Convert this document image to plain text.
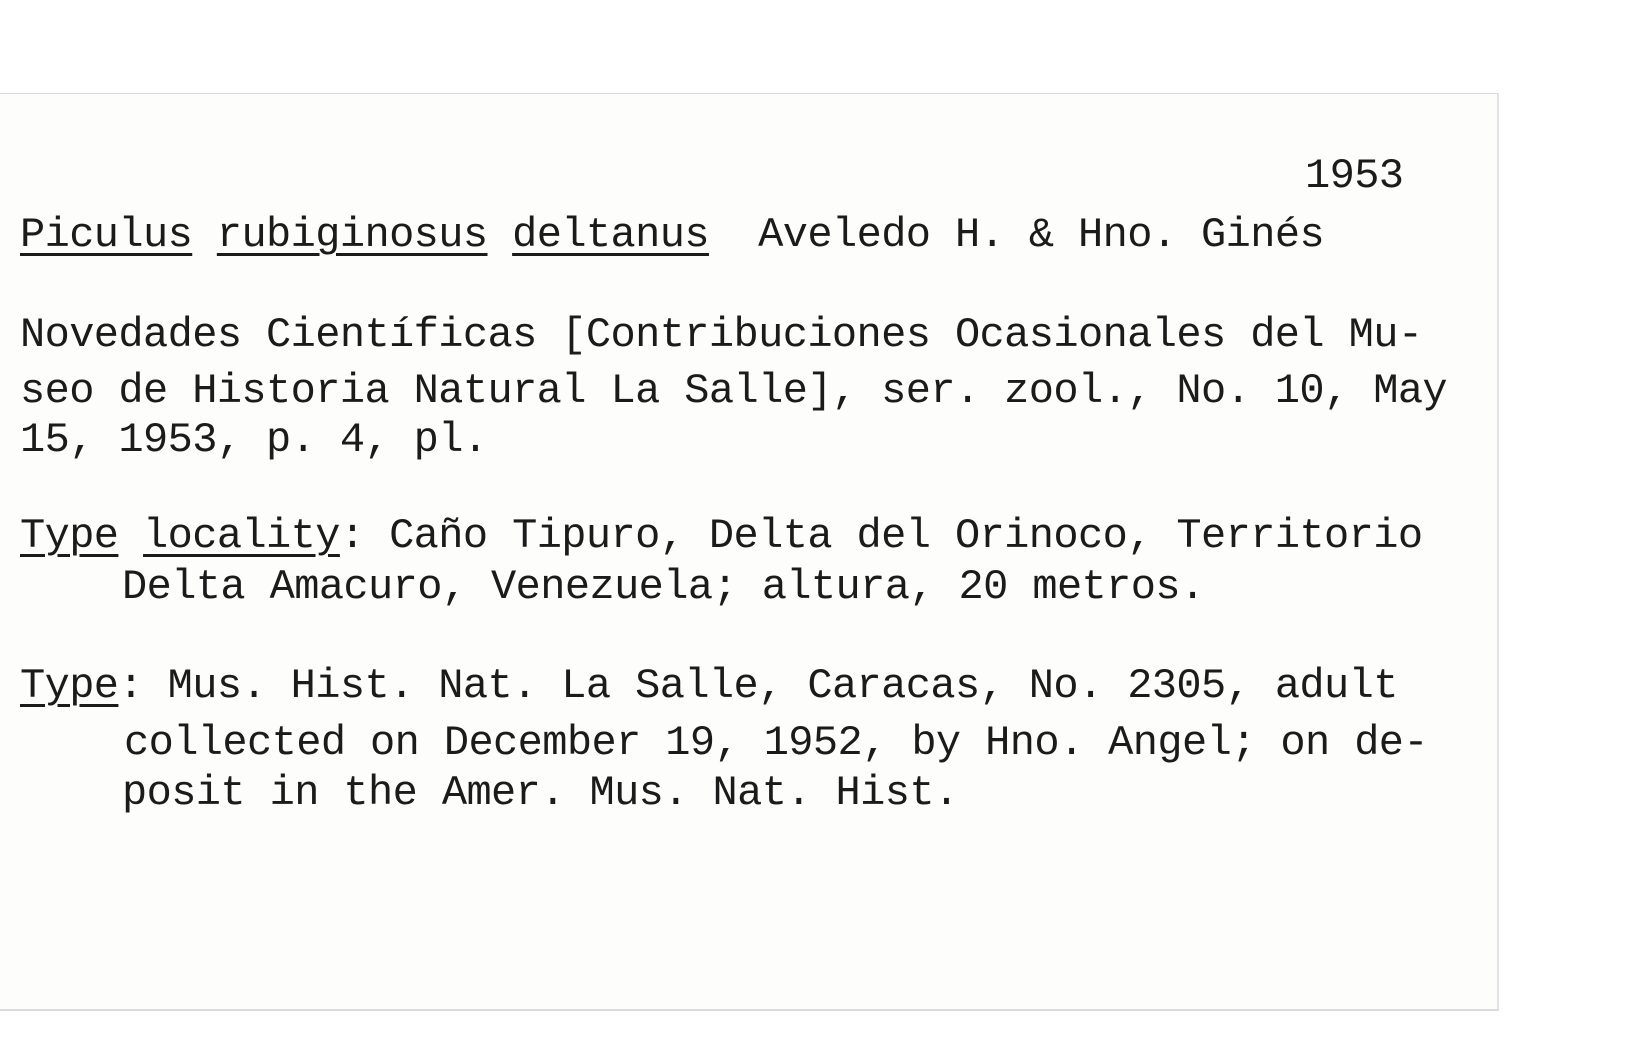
1953
Piculus rubiginosus deltanus Aveledo H. & Hno. Ginés
Novedades Científicas [Contribuciones Ocasionales del Mu-
seo de Historia Natural La Salle], ser. zool., No. 10, May
15, 1953, p. 4, pl.
Type locality: Caño Tipuro, Delta del Orinoco, Territorio
Delta Amacuro, Venezuela; altura, 20 metros.
Type: Mus. Hist. Nat. La Salle, Caracas, No. 2305, adult
collected on December 19, 1952, by Hno. Angel; on de-
posit in the Amer. Mus. Nat. Hist.
